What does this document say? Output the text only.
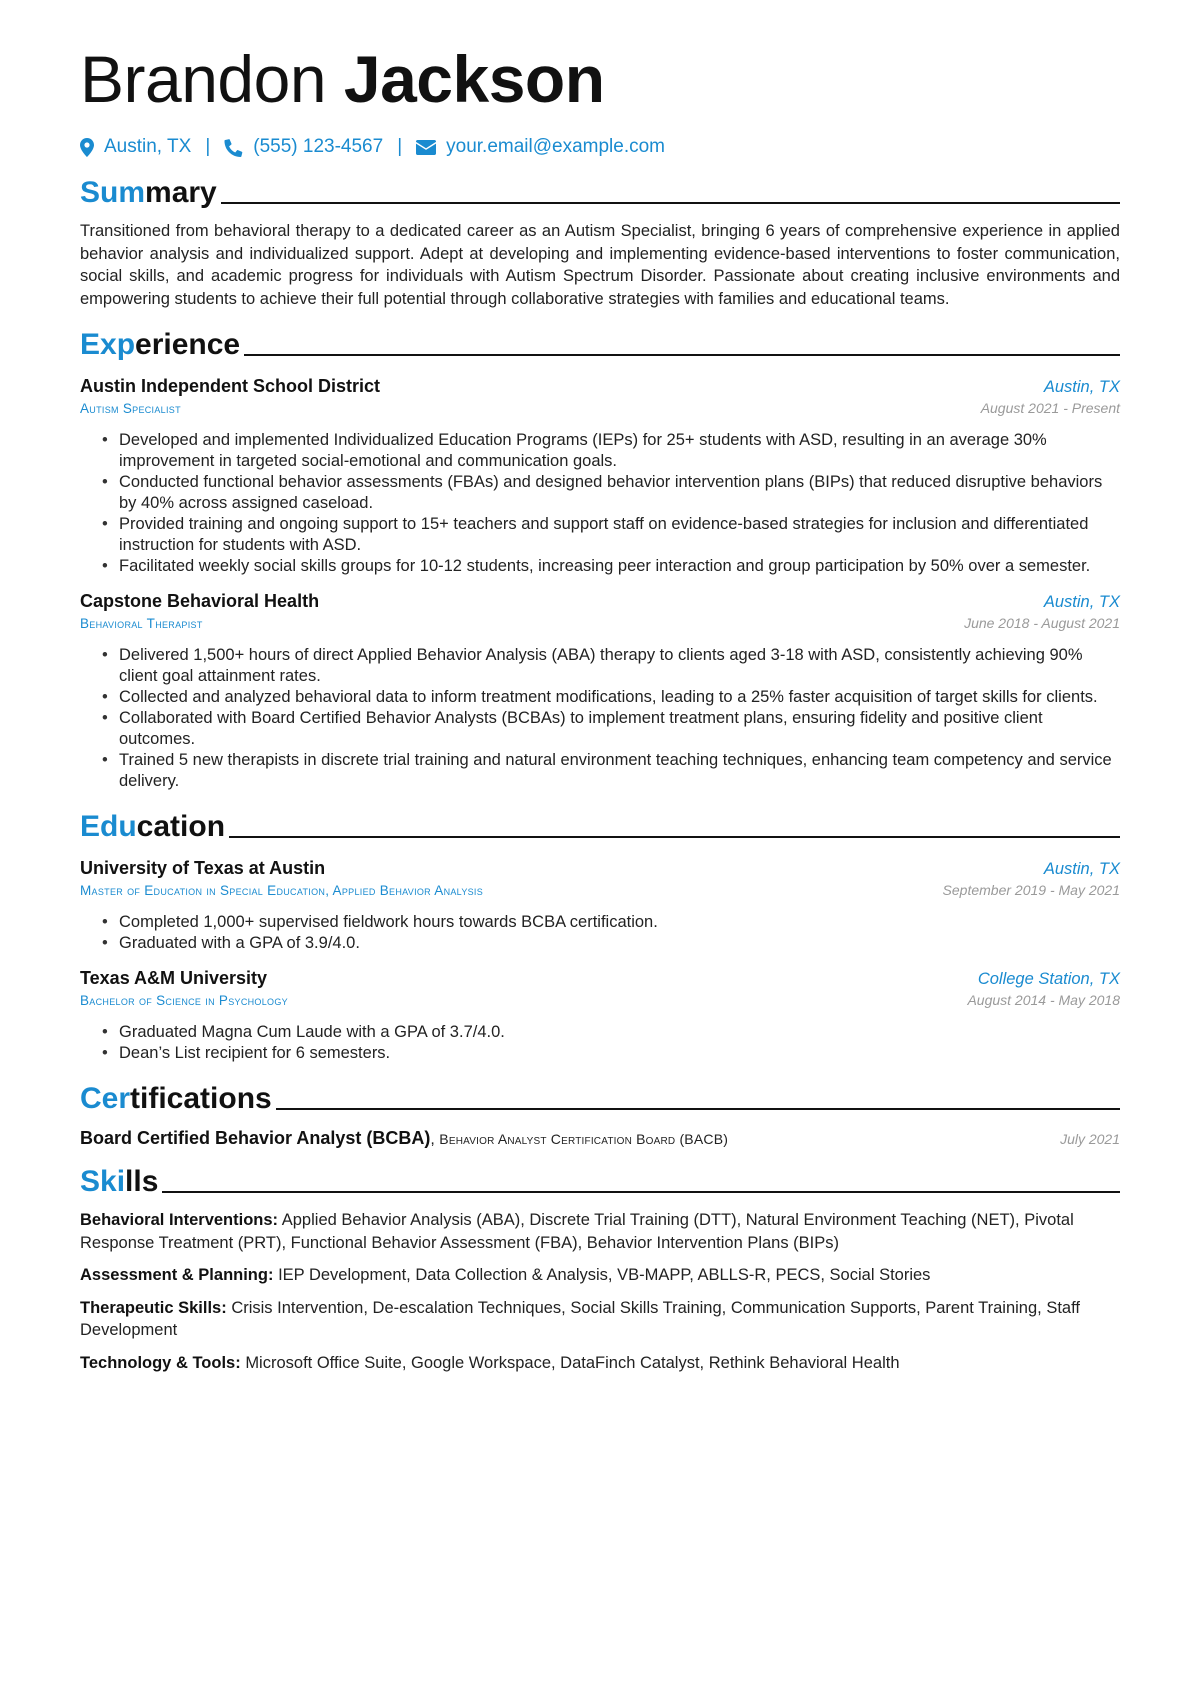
Brandon Jackson
Austin, TX | (555) 123-4567 | your.email@example.com
Summary

Transitioned from behavioral therapy to a dedicated career as an Autism Specialist, bringing 6 years of comprehensive experience in applied behavior analysis and individualized support. Adept at developing and implementing evidence-based interventions to foster communication, social skills, and academic progress for individuals with Autism Spectrum Disorder. Passionate about creating inclusive environments and empowering students to achieve their full potential through collaborative strategies with families and educational teams.

Experience
Austin Independent School District	Austin, TX
Autism Specialist	August 2021 - Present
• Developed and implemented Individualized Education Programs (IEPs) for 25+ students with ASD, resulting in an average 30% improvement in targeted social-emotional and communication goals.
• Conducted functional behavior assessments (FBAs) and designed behavior intervention plans (BIPs) that reduced disruptive behaviors by 40% across assigned caseload.
• Provided training and ongoing support to 15+ teachers and support staff on evidence-based strategies for inclusion and differentiated instruction for students with ASD.
• Facilitated weekly social skills groups for 10-12 students, increasing peer interaction and group participation by 50% over a semester.
Capstone Behavioral Health	Austin, TX
Behavioral Therapist	June 2018 - August 2021
• Delivered 1,500+ hours of direct Applied Behavior Analysis (ABA) therapy to clients aged 3-18 with ASD, consistently achieving 90% client goal attainment rates.
• Collected and analyzed behavioral data to inform treatment modifications, leading to a 25% faster acquisition of target skills for clients.
• Collaborated with Board Certified Behavior Analysts (BCBAs) to implement treatment plans, ensuring fidelity and positive client outcomes.
• Trained 5 new therapists in discrete trial training and natural environment teaching techniques, enhancing team competency and service delivery.
Education
University of Texas at Austin	Austin, TX
Master of Education in Special Education, Applied Behavior Analysis	September 2019 - May 2021
• Completed 1,000+ supervised fieldwork hours towards BCBA certification.
• Graduated with a GPA of 3.9/4.0.
Texas A&M University	College Station, TX
Bachelor of Science in Psychology	August 2014 - May 2018
• Graduated Magna Cum Laude with a GPA of 3.7/4.0.
• Dean’s List recipient for 6 semesters.
Certifications
Board Certified Behavior Analyst (BCBA), Behavior Analyst Certification Board (BACB)	July 2021
Skills

Behavioral Interventions: Applied Behavior Analysis (ABA), Discrete Trial Training (DTT), Natural Environment Teaching (NET), Pivotal Response Treatment (PRT), Functional Behavior Assessment (FBA), Behavior Intervention Plans (BIPs)

Assessment & Planning: IEP Development, Data Collection & Analysis, VB-MAPP, ABLLS-R, PECS, Social Stories

Therapeutic Skills: Crisis Intervention, De-escalation Techniques, Social Skills Training, Communication Supports, Parent Training, Staff Development

Technology & Tools: Microsoft Office Suite, Google Workspace, DataFinch Catalyst, Rethink Behavioral Health
